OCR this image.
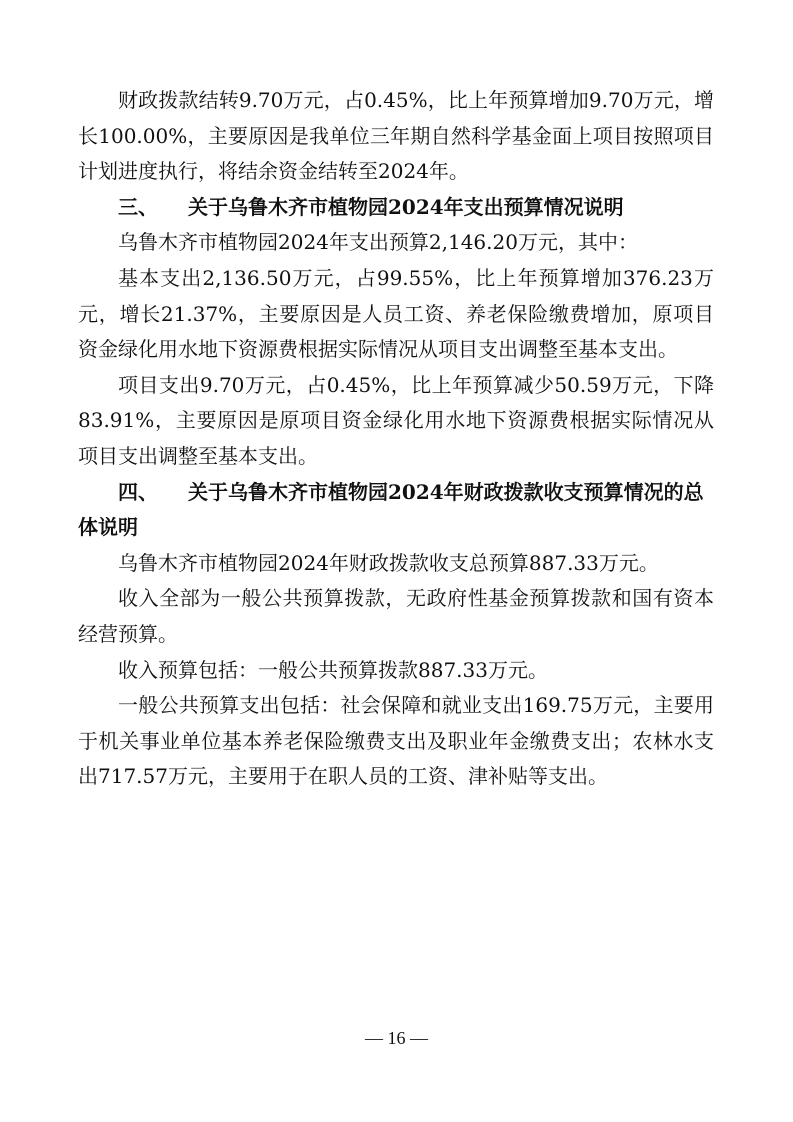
财政拨款结转9.70万元，占0.45%，比上年预算增加9.70万元，增长100.00%，主要原因是我单位三年期自然科学基金面上项目按照项目计划进度执行，将结余资金结转至2024年。

三、 关于乌鲁木齐市植物园2024年支出预算情况说明

乌鲁木齐市植物园2024年支出预算2,146.20万元，其中：

基本支出2,136.50万元，占99.55%，比上年预算增加376.23万元，增长21.37%，主要原因是人员工资、养老保险缴费增加，原项目资金绿化用水地下资源费根据实际情况从项目支出调整至基本支出。

项目支出9.70万元，占0.45%，比上年预算减少50.59万元，下降83.91%，主要原因是原项目资金绿化用水地下资源费根据实际情况从项目支出调整至基本支出。

四、 关于乌鲁木齐市植物园2024年财政拨款收支预算情况的总体说明

乌鲁木齐市植物园2024年财政拨款收支总预算887.33万元。

收入全部为一般公共预算拨款，无政府性基金预算拨款和国有资本经营预算。

收入预算包括：一般公共预算拨款887.33万元。

一般公共预算支出包括：社会保障和就业支出169.75万元，主要用于机关事业单位基本养老保险缴费支出及职业年金缴费支出；农林水支出717.57万元，主要用于在职人员的工资、津补贴等支出。

— 16 —
